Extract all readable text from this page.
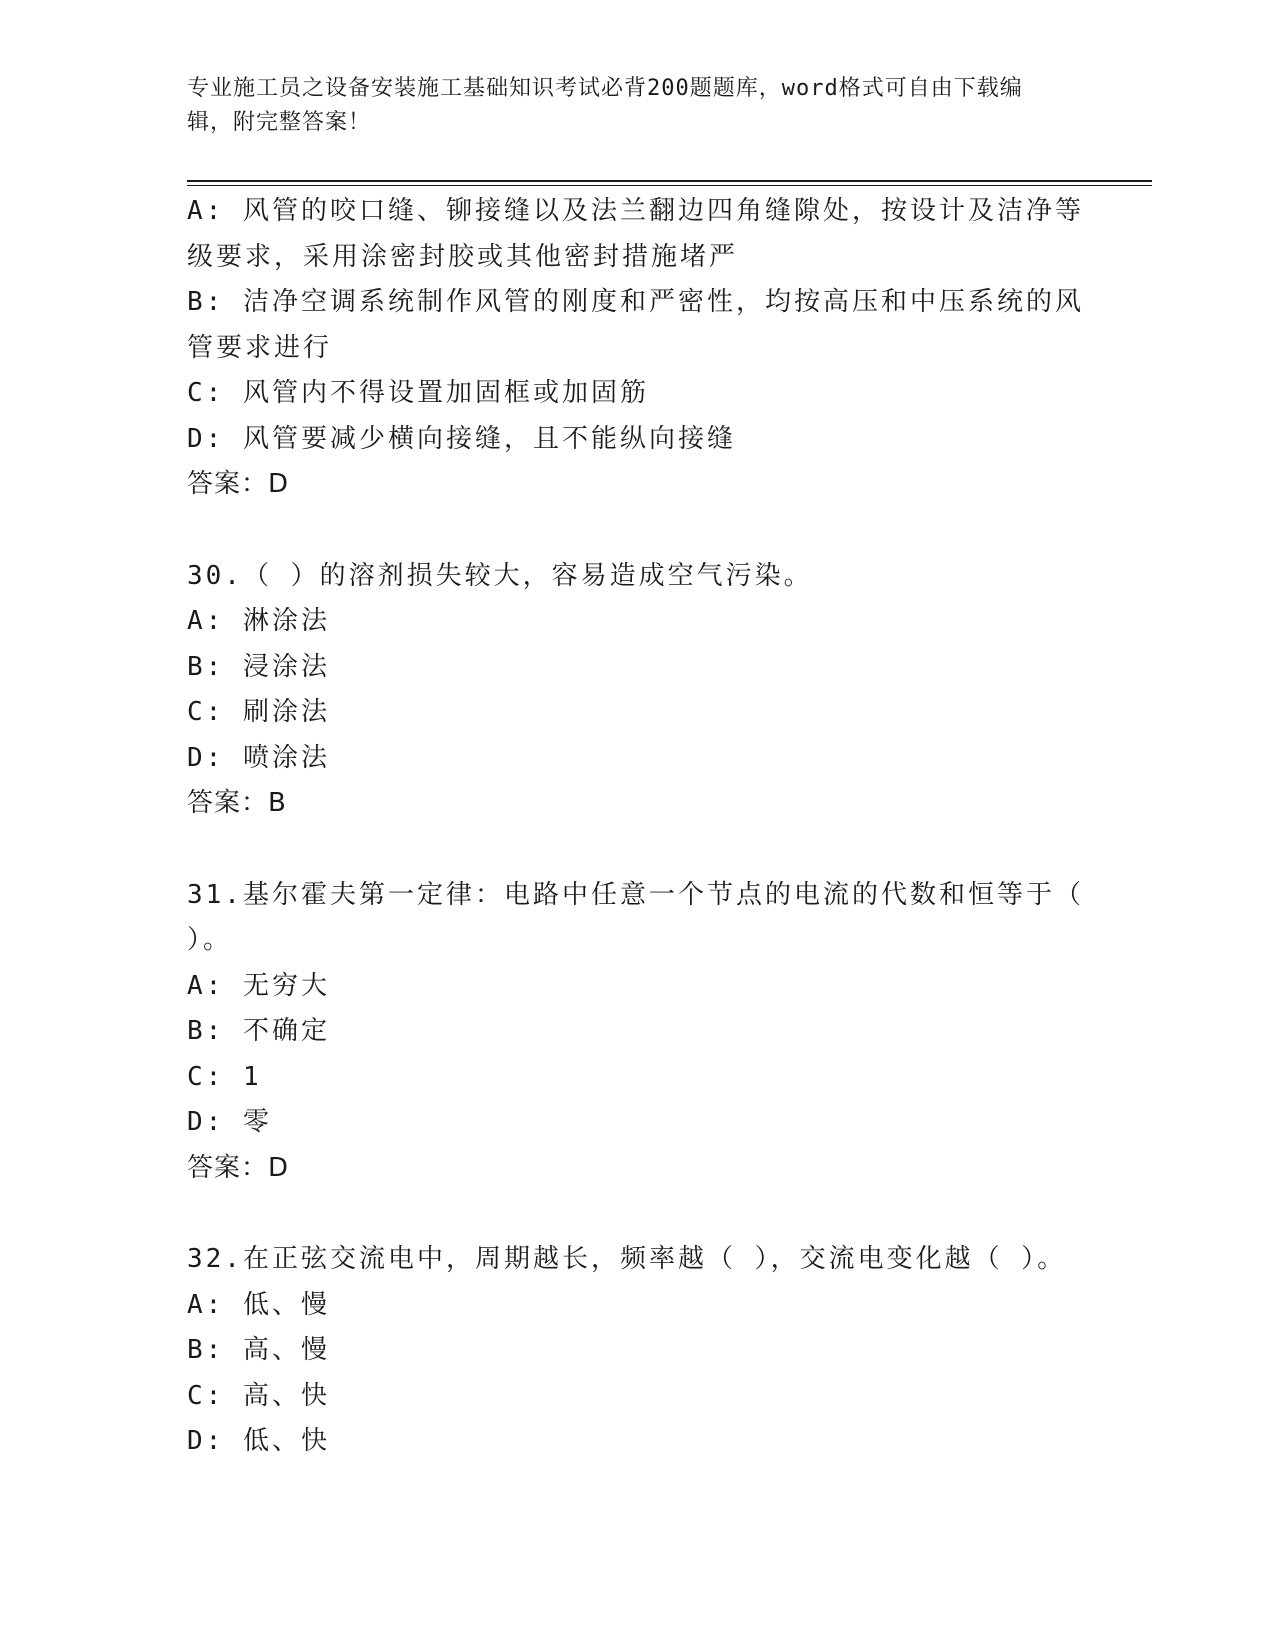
专业施工员之设备安装施工基础知识考试必背200题题库，word格式可自由下载编辑，附完整答案！
A: 风管的咬口缝、铆接缝以及法兰翻边四角缝隙处，按设计及洁净等级要求，采用涂密封胶或其他密封措施堵严
B: 洁净空调系统制作风管的刚度和严密性，均按高压和中压系统的风管要求进行
C: 风管内不得设置加固框或加固筋
D: 风管要减少横向接缝，且不能纵向接缝
答案：D
30.（ ）的溶剂损失较大，容易造成空气污染。
A: 淋涂法
B: 浸涂法
C: 刷涂法
D: 喷涂法
答案：B
31.基尔霍夫第一定律：电路中任意一个节点的电流的代数和恒等于（ ）。
A: 无穷大
B: 不确定
C: 1
D: 零
答案：D
32.在正弦交流电中，周期越长，频率越（ ），交流电变化越（ ）。
A: 低、慢
B: 高、慢
C: 高、快
D: 低、快
